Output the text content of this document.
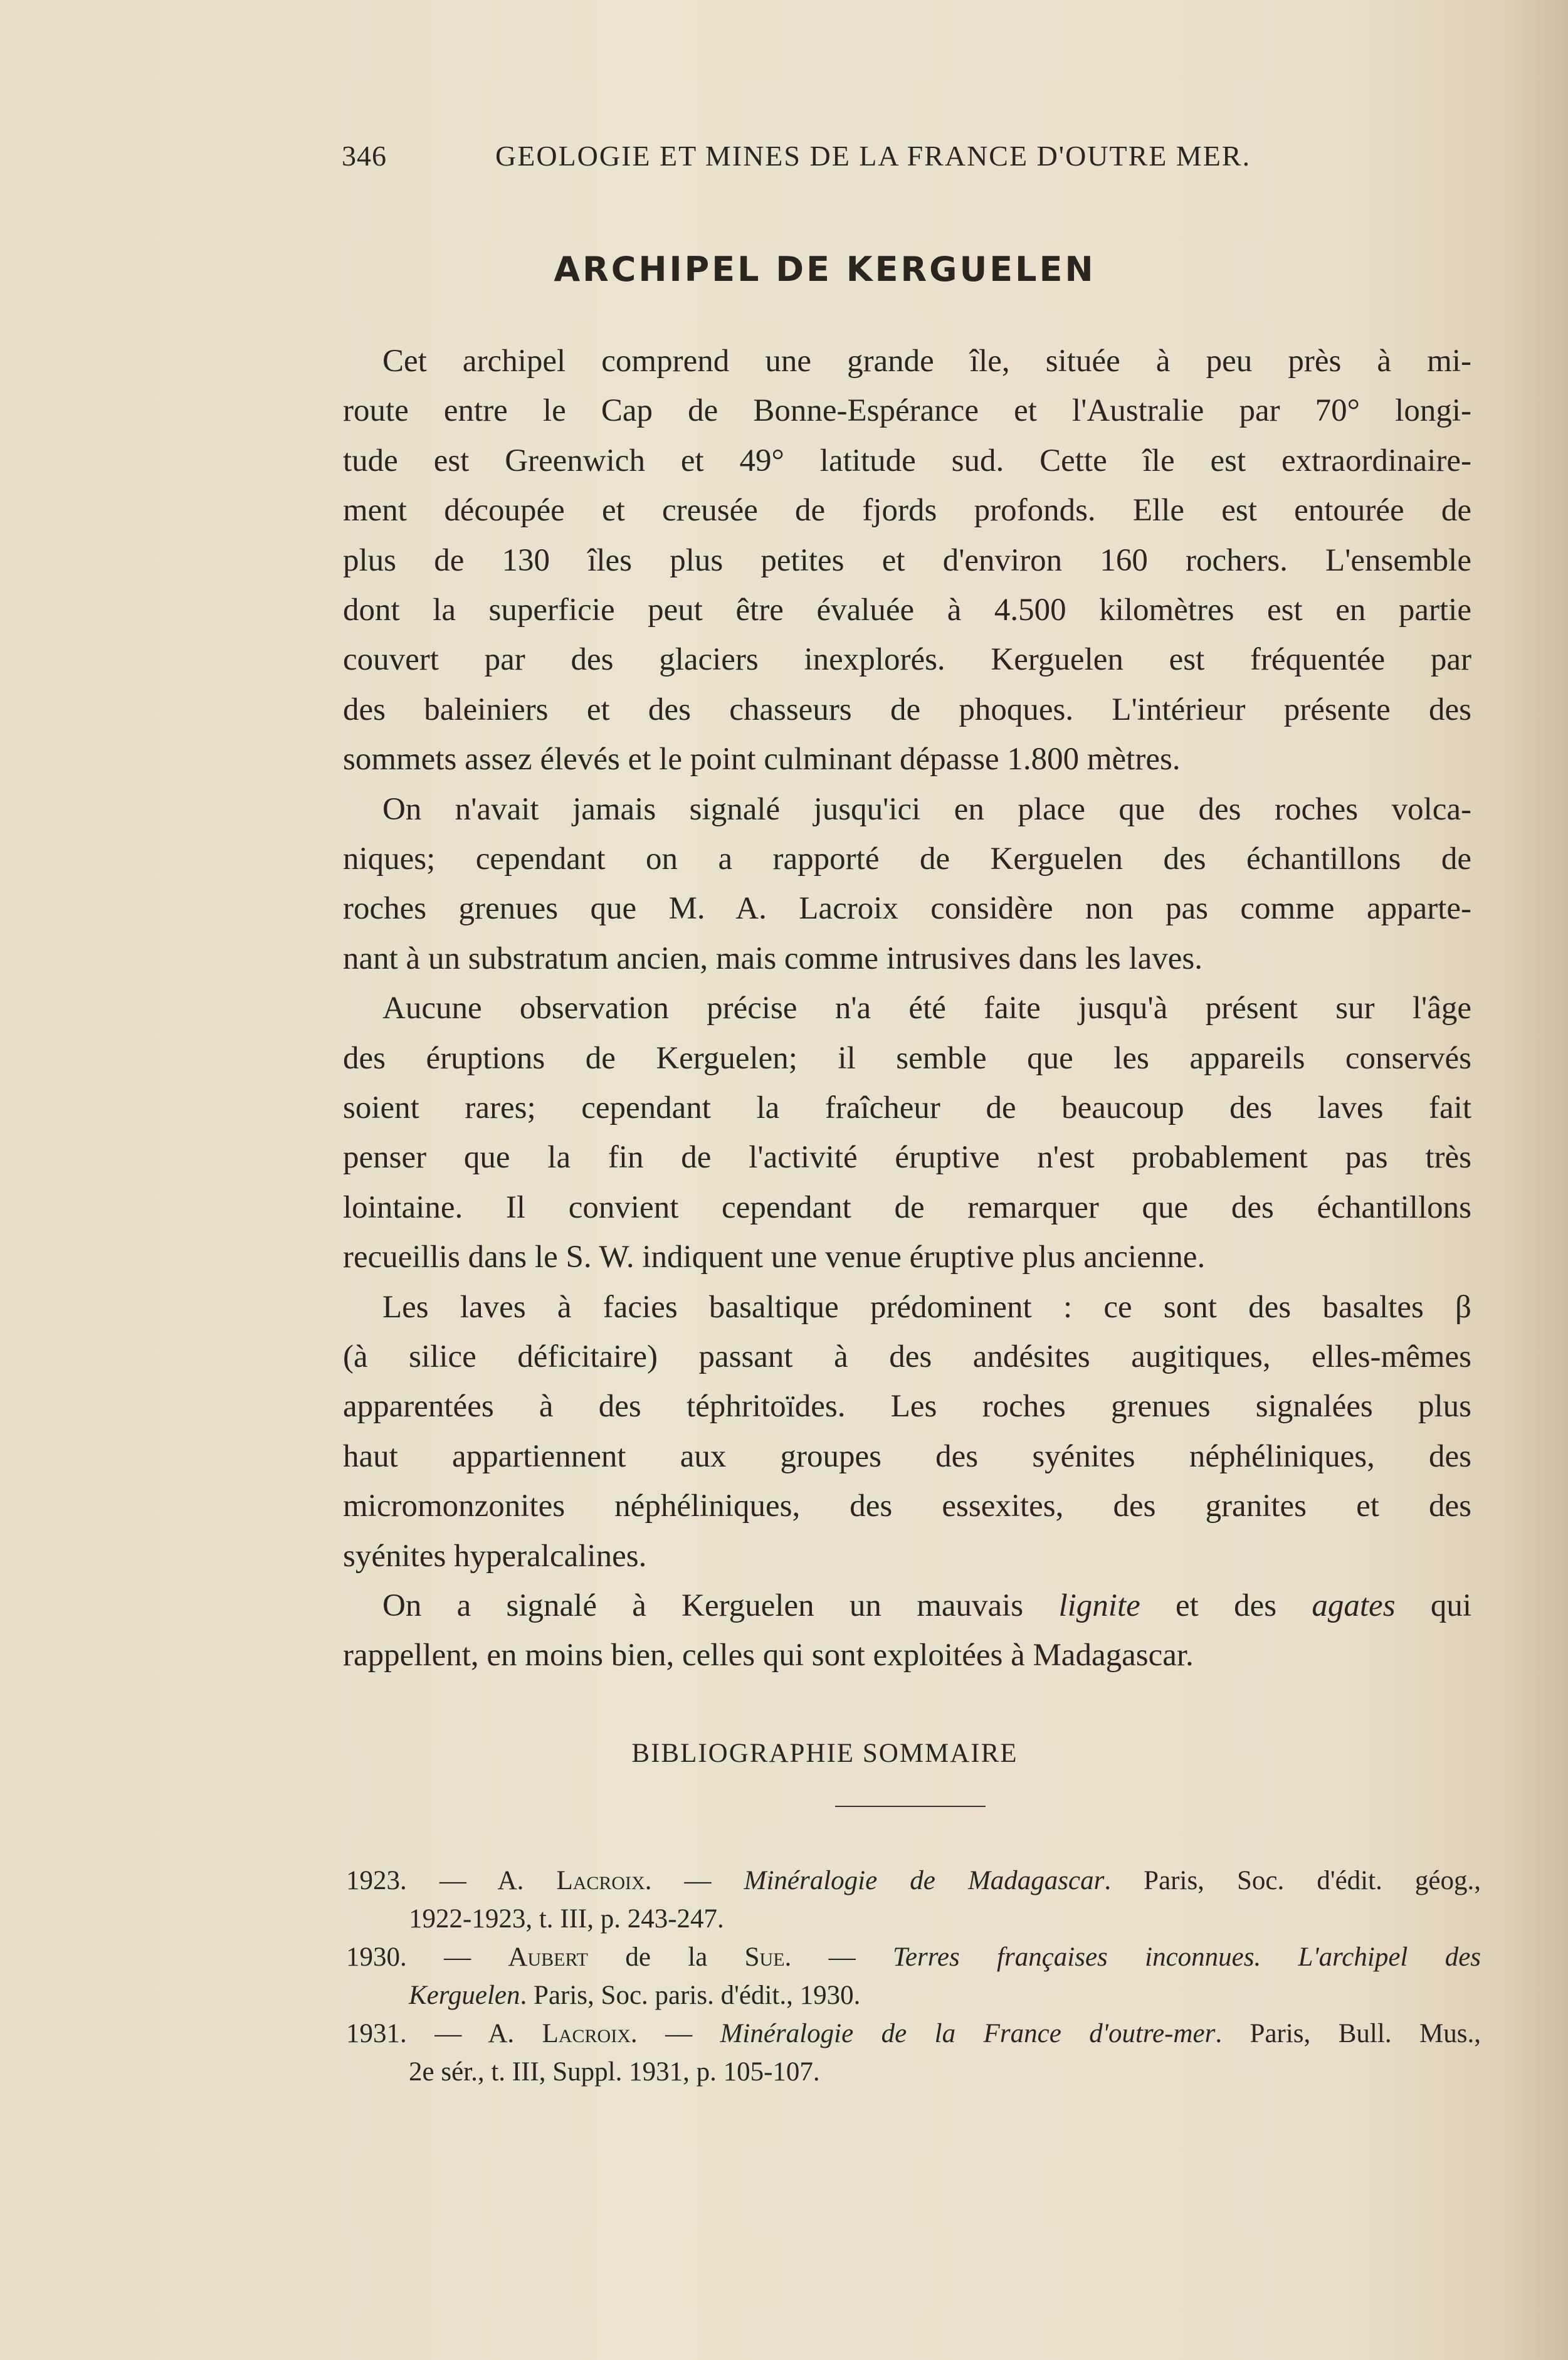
346	GEOLOGIE ET MINES DE LA FRANCE D'OUTRE MER.
ARCHIPEL DE KERGUELEN
Cet archipel comprend une grande île, située à peu près à mi-
route entre le Cap de Bonne-Espérance et l'Australie par 70° longi-
tude est Greenwich et 49° latitude sud. Cette île est extraordinaire-
ment découpée et creusée de fjords profonds. Elle est entourée de
plus de 130 îles plus petites et d'environ 160 rochers. L'ensemble
dont la superficie peut être évaluée à 4.500 kilomètres est en partie
couvert par des glaciers inexplorés. Kerguelen est fréquentée par
des baleiniers et des chasseurs de phoques. L'intérieur présente des
sommets assez élevés et le point culminant dépasse 1.800 mètres.
On n'avait jamais signalé jusqu'ici en place que des roches volca-
niques; cependant on a rapporté de Kerguelen des échantillons de
roches grenues que M. A. Lacroix considère non pas comme apparte-
nant à un substratum ancien, mais comme intrusives dans les laves.
Aucune observation précise n'a été faite jusqu'à présent sur l'âge
des éruptions de Kerguelen; il semble que les appareils conservés
soient rares; cependant la fraîcheur de beaucoup des laves fait
penser que la fin de l'activité éruptive n'est probablement pas très
lointaine. Il convient cependant de remarquer que des échantillons
recueillis dans le S. W. indiquent une venue éruptive plus ancienne.
Les laves à facies basaltique prédominent : ce sont des basaltes β
(à silice déficitaire) passant à des andésites augitiques, elles-mêmes
apparentées à des téphritoïdes. Les roches grenues signalées plus
haut appartiennent aux groupes des syénites néphéliniques, des
micromonzonites néphéliniques, des essexites, des granites et des
syénites hyperalcalines.
On a signalé à Kerguelen un mauvais lignite et des agates qui
rappellent, en moins bien, celles qui sont exploitées à Madagascar.
BIBLIOGRAPHIE SOMMAIRE
1923. — A. Lacroix. — Minéralogie de Madagascar. Paris, Soc. d'édit. géog.,
1922-1923, t. III, p. 243-247.
1930. — Aubert de la Sue. — Terres françaises inconnues. L'archipel des
Kerguelen. Paris, Soc. paris. d'édit., 1930.
1931. — A. Lacroix. — Minéralogie de la France d'outre-mer. Paris, Bull. Mus.,
2e sér., t. III, Suppl. 1931, p. 105-107.
